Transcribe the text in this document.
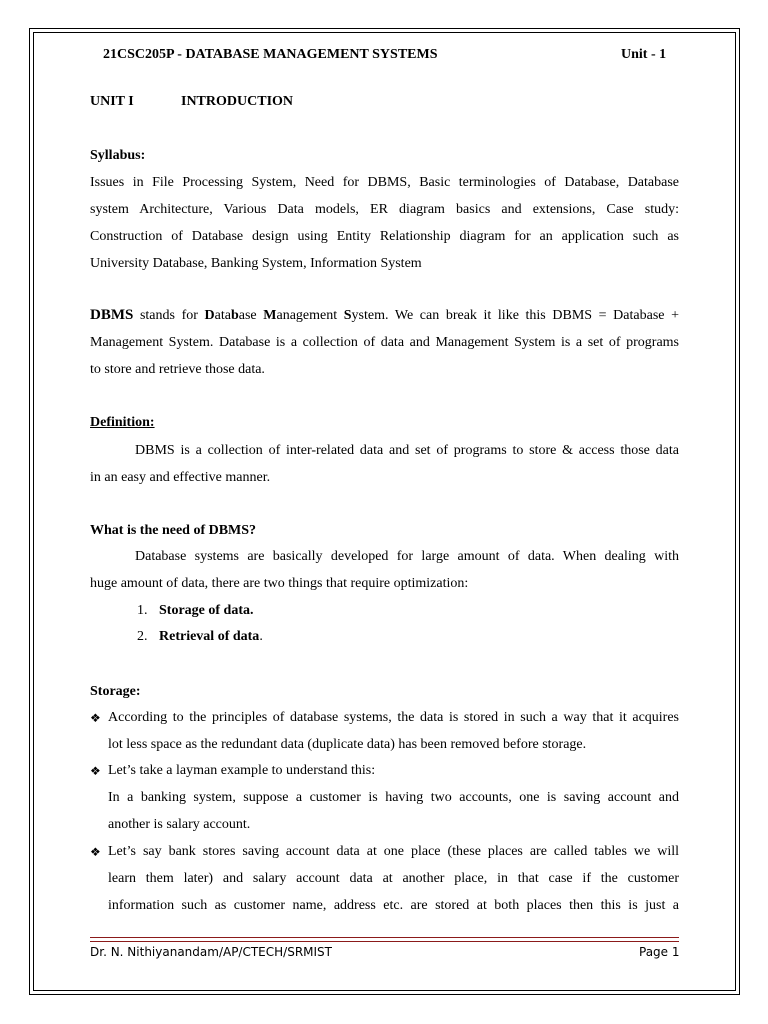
21CSC205P - DATABASE MANAGEMENT SYSTEMS	Unit - 1
UNIT I	INTRODUCTION
Syllabus:
Issues in File Processing System, Need for DBMS, Basic terminologies of Database, Database
system Architecture, Various Data models, ER diagram basics and extensions, Case study:
Construction of Database design using Entity Relationship diagram for an application such as
University Database, Banking System, Information System
DBMS stands for Database Management System. We can break it like this DBMS = Database +
Management System. Database is a collection of data and Management System is a set of programs
to store and retrieve those data.
Definition:
DBMS is a collection of inter-related data and set of programs to store & access those data
in an easy and effective manner.
What is the need of DBMS?
Database systems are basically developed for large amount of data. When dealing with
huge amount of data, there are two things that require optimization:
1. Storage of data.
2. Retrieval of data.
Storage:
❖ According to the principles of database systems, the data is stored in such a way that it acquires
lot less space as the redundant data (duplicate data) has been removed before storage.
❖ Let’s take a layman example to understand this:
In a banking system, suppose a customer is having two accounts, one is saving account and
another is salary account.
❖ Let’s say bank stores saving account data at one place (these places are called tables we will
learn them later) and salary account data at another place, in that case if the customer
information such as customer name, address etc. are stored at both places then this is just a
Dr. N. Nithiyanandam/AP/CTECH/SRMIST	Page 1
